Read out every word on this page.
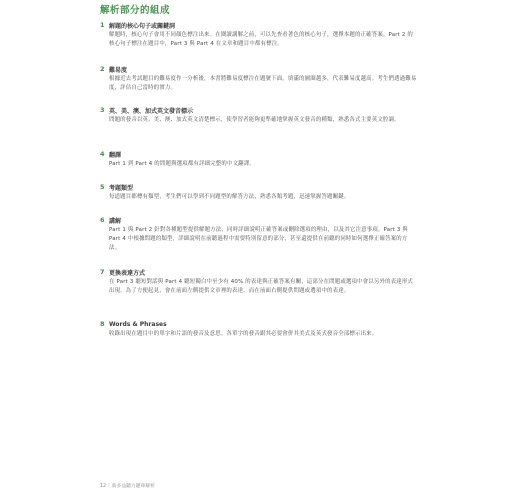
解析部分的組成
1 解題的核心句子或關鍵詞
解題時，核心句子會用不同顏色標注出來。在閱讀講解之前，可以先查看著色的核心句子，選擇本題的正確答案。Part 2 的核心句子標注在題目中，Part 3 與 Part 4 在文章和題目中都有標注。
2 難易度
根據近去考試題目的難易度作一分析後，本書將難易度標注在題號下面。填滿的圖圈越多，代表難易度越高。考生們透過難易度，評估自己當時的實力。
3 英、美、澳、加式英文發音標示
問題的發音以英、美、澳、加式英文清楚標示，使學習者能夠更準確地掌握英文發音的種類，熟悉各式主要英文腔調。
4 翻譯
Part 1 到 Part 4 的問題與選項都有詳細完整的中文翻譯。
5 考題類型
每道題目都標有類型，考生們可以學到不同題型的解答方法，熟悉各類考題，迅速掌握答題關鍵。
6 講解
Part 1 與 Part 2 針對各種題型提供解題方法，同時詳細說明正確答案或刪除選項的理由，以及其它注意事項。Part 3 與 Part 4 中根據問題的類型，詳細說明在前聽過程中需要特別留意的部分，甚至還提供在前聽的同時如何選擇正確答案的方法。
7 更換表達方式
在 Part 3 聽短對話與 Part 4 聽短獨白中至少有 40% 的表達與正確答案有關，這部分在問題或選項中會以另外的表達形式出現。為了方便起見，會在前面左側提供文章裡的表達，而在前面右側提供問題或選項中的表達。
8 Words & Phrases
收錄出現在題目中的單字和片語的發音及意思。各單字的發音跟其必要會併其美式及英式發音全部標示出來。
12 | 新多益聽力題庫解析
